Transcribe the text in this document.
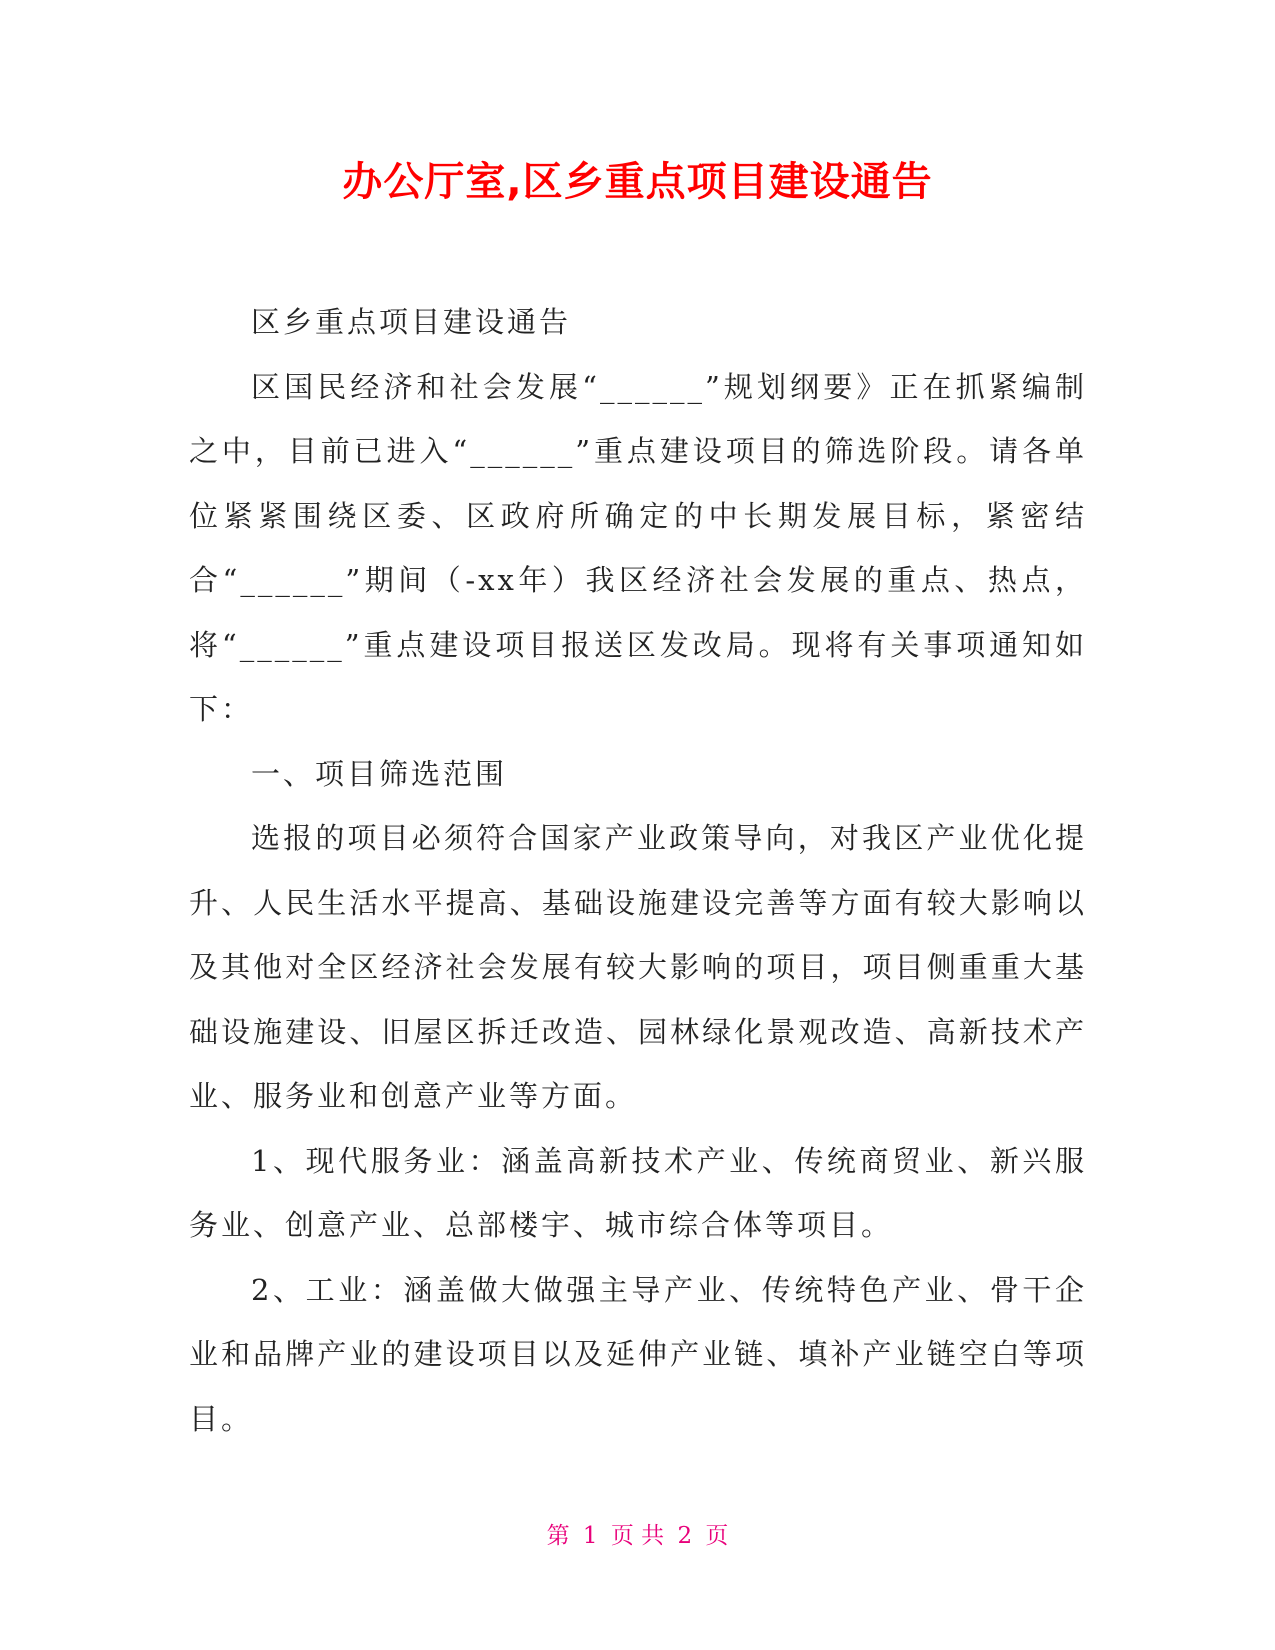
办公厅室,区乡重点项目建设通告

区乡重点项目建设通告

区国民经济和社会发展“______”规划纲要》正在抓紧编制之中，目前已进入“______”重点建设项目的筛选阶段。请各单位紧紧围绕区委、区政府所确定的中长期发展目标，紧密结合“______”期间（-xx年）我区经济社会发展的重点、热点，将“______”重点建设项目报送区发改局。现将有关事项通知如下：

一、项目筛选范围

选报的项目必须符合国家产业政策导向，对我区产业优化提升、人民生活水平提高、基础设施建设完善等方面有较大影响以及其他对全区经济社会发展有较大影响的项目，项目侧重重大基础设施建设、旧屋区拆迁改造、园林绿化景观改造、高新技术产业、服务业和创意产业等方面。

1、现代服务业：涵盖高新技术产业、传统商贸业、新兴服务业、创意产业、总部楼宇、城市综合体等项目。

2、工业：涵盖做大做强主导产业、传统特色产业、骨干企业和品牌产业的建设项目以及延伸产业链、填补产业链空白等项目。

第 1 页 共 2 页
